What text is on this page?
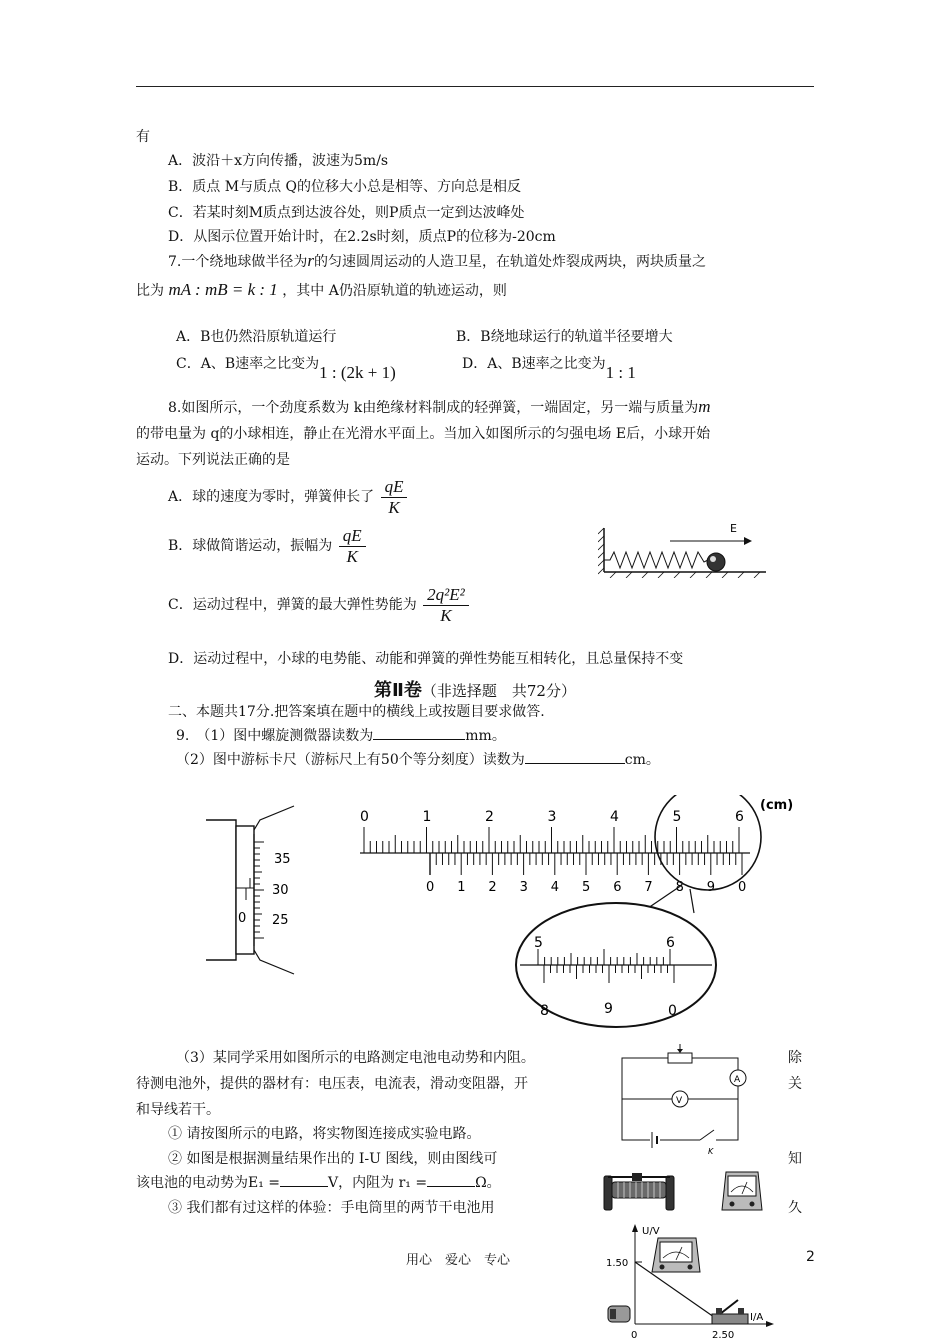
有
A．波沿＋x方向传播，波速为5m/s
B．质点 M与质点 Q的位移大小总是相等、方向总是相反
C．若某时刻M质点到达波谷处，则P质点一定到达波峰处
D．从图示位置开始计时，在2.2s时刻，质点P的位移为-20cm
7.一个绕地球做半径为r的匀速圆周运动的人造卫星，在轨道处炸裂成两块，两块质量之
比为 mA : mB = k : 1 ，其中 A仍沿原轨道的轨迹运动，则
A．B也仍然沿原轨道运行	B．B绕地球运行的轨道半径要增大
C．A、B速率之比变为1 : (2k + 1)	D．A、B速率之比变为1 : 1
8.如图所示，一个劲度系数为 k由绝缘材料制成的轻弹簧，一端固定，另一端与质量为m
的带电量为 q的小球相连，静止在光滑水平面上。当加入如图所示的匀强电场 E后，小球开始
运动。下列说法正确的是
A．球的速度为零时，弹簧伸长了 $\frac{qE}{K}$
B．球做简谐运动，振幅为 $\frac{qE}{K}$
C．运动过程中，弹簧的最大弹性势能为 $\frac{\text{2q²E²}}{K}$
D．运动过程中，小球的电势能、动能和弹簧的弹性势能互相转化，且总量保持不变
E
第Ⅱ卷（非选择题　共72分）
二、本题共17分.把答案填在题中的横线上或按题目要求做答.
9.　（1）图中螺旋测微器读数为	mm。
（2）图中游标卡尺（游标尺上有50个等分刻度）读数为	cm。
35
30
25
0
0	1	2	3	4	5	6
0 1 2 3 4 5 6 7 8 9 0
(cm)
5	6
8	9	0
（3）某同学采用如图所示的电路测定电池电动势和内阻。	除
待测电池外，提供的器材有：电压表，电流表，滑动变阻器，开	关
和导线若干。
① 请按图所示的电路，将实物图连接成实验电路。
② 如图是根据测量结果作出的 I-U 图线，则由图线可	知
该电池的电动势为E₁ =	V，内阻为 r₁ =	Ω。
③ 我们都有过这样的体验：手电筒里的两节干电池用	久
A
V
K
U/V
I/A
1.50
2.50
0
用心　爱心　专心	2
